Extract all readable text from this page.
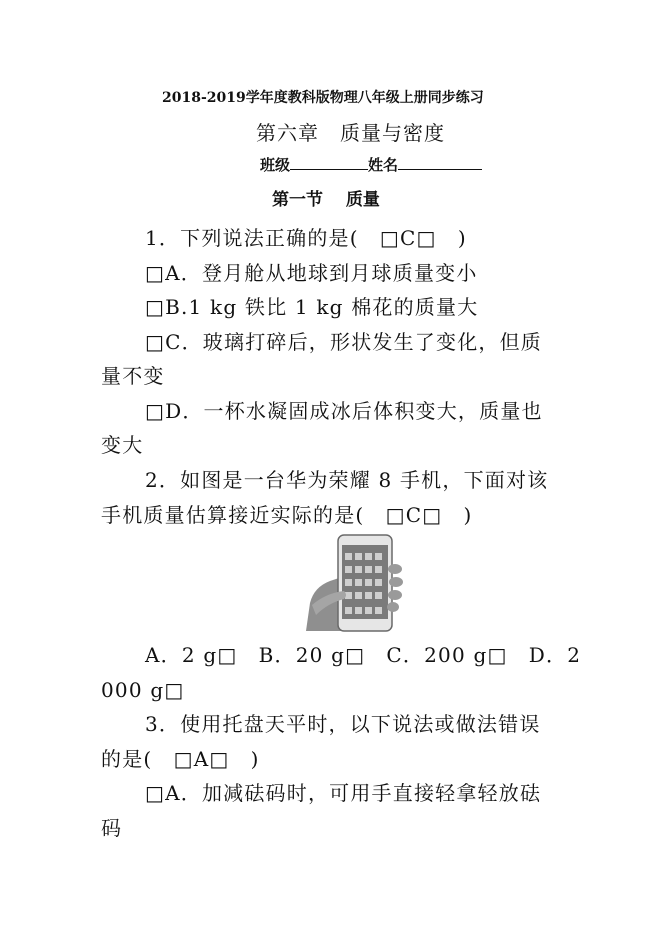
2018-2019学年度教科版物理八年级上册同步练习
第六章　质量与密度
班级	姓名
第一节　 质量
1．下列说法正确的是(　□C□　)
□A．登月舱从地球到月球质量变小
□B.1 kg 铁比 1 kg 棉花的质量大
□C．玻璃打碎后，形状发生了变化，但质
量不变
□D．一杯水凝固成冰后体积变大，质量也
变大
2．如图是一台华为荣耀 8 手机，下面对该
手机质量估算接近实际的是(　□C□　)
A．2 g□　B．20 g□　C．200 g□　D．2
000 g□
3．使用托盘天平时，以下说法或做法错误
的是(　□A□　)
□A．加减砝码时，可用手直接轻拿轻放砝
码
